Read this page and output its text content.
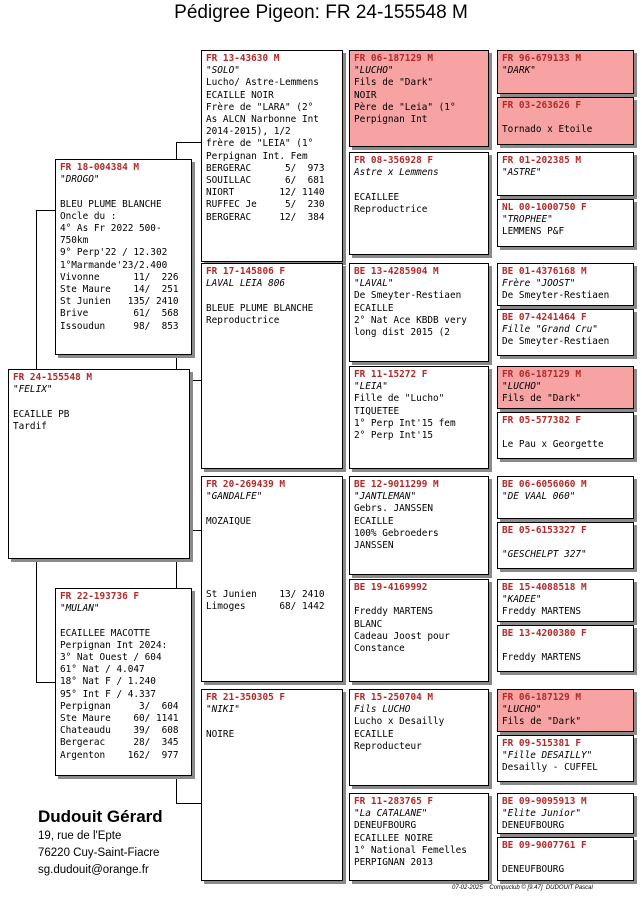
Pédigree Pigeon: FR 24-155548 M
FR 24-155548 M
"FELIX"
ECAILLE PB
Tardif
FR 18-004384 M
"DROGO"
BLEU PLUME BLANCHE
Oncle du :
4° As Fr 2022 500-
750km
9° Perp'22 / 12.302
1°Marmande'23/2.400
Vivonne      11/  226
Ste Maure    14/  251
St Junien   135/ 2410
Brive        61/  568
Issoudun     98/  853
FR 22-193736 F
"MULAN"
ECAILLEE MACOTTE
Perpignan Int 2024:
3° Nat Ouest / 604
61° Nat / 4.047
18° Nat F / 1.240
95° Int F / 4.337
Perpignan     3/  604
Ste Maure    60/ 1141
Chateaudu    39/  608
Bergerac     28/  345
Argenton    162/  977
FR 13-43630 M
"SOLO"
Lucho/ Astre-Lemmens
ECAILLE NOIR
Frère de "LARA" (2°
As ALCN Narbonne Int
2014-2015), 1/2
frère de "LEIA" (1°
Perpignan Int. Fem
BERGERAC      5/  973
SOUILLAC      6/  681
NIORT        12/ 1140
RUFFEC Je     5/  230
BERGERAC     12/  384
FR 17-145806 F
LAVAL LEIA 806
BLEUE PLUME BLANCHE
Reproductrice
FR 20-269439 M
"GANDALFE"
MOZAIQUE
St Junien    13/ 2410
Limoges      68/ 1442
FR 21-350305 F
"NIKI"
NOIRE
FR 06-187129 M
"LUCHO"
Fils de "Dark"
NOIR
Père de "Leia" (1°
Perpignan Int
FR 08-356928 F
Astre x Lemmens
ECAILLEE
Reproductrice
BE 13-4285904 M
"LAVAL"
De Smeyter-Restiaen
ECAILLE
2° Nat Ace KBDB very
long dist 2015 (2
FR 11-15272 F
"LEIA"
Fille de "Lucho"
TIQUETEE
1° Perp Int'15 fem
2° Perp Int'15
BE 12-9011299 M
"JANTLEMAN"
Gebrs. JANSSEN
ECAILLE
100% Gebroeders
JANSSEN
BE 19-4169992
Freddy MARTENS
BLANC
Cadeau Joost pour
Constance
FR 15-250704 M
Fils LUCHO
Lucho x Desailly
ECAILLE
Reproducteur
FR 11-283765 F
"La CATALANE"
DENEUFBOURG
ECAILLEE NOIRE
1° National Femelles
PERPIGNAN 2013
FR 96-679133 M
"DARK"
FR 03-263626 F
Tornado x Etoile
FR 01-202385 M
"ASTRE"
NL 00-1000750 F
"TROPHEE"
LEMMENS P&F
BE 01-4376168 M
Frère "JOOST"
De Smeyter-Restiaen
BE 07-4241464 F
Fille "Grand Cru"
De Smeyter-Restiaen
FR 06-187129 M
"LUCHO"
Fils de "Dark"
FR 05-577382 F
Le Pau x Georgette
BE 06-6056060 M
"DE VAAL 060"
BE 05-6153327 F
"GESCHELPT 327"
BE 15-4088518 M
"KADEE"
Freddy MARTENS
BE 13-4200380 F
Freddy MARTENS
FR 06-187129 M
"LUCHO"
Fils de "Dark"
FR 09-515381 F
"Fille DESAILLY"
Desailly - CUFFEL
BE 09-9095913 M
"Elite Junior"
DENEUFBOURG
BE 09-9007761 F
DENEUFBOURG
Dudouit Gérard
19, rue de l'Epte
76220 Cuy-Saint-Fiacre
sg.dudouit@orange.fr
07-02-2025 Compuclub © [9.47] DUDOUIT Pascal
